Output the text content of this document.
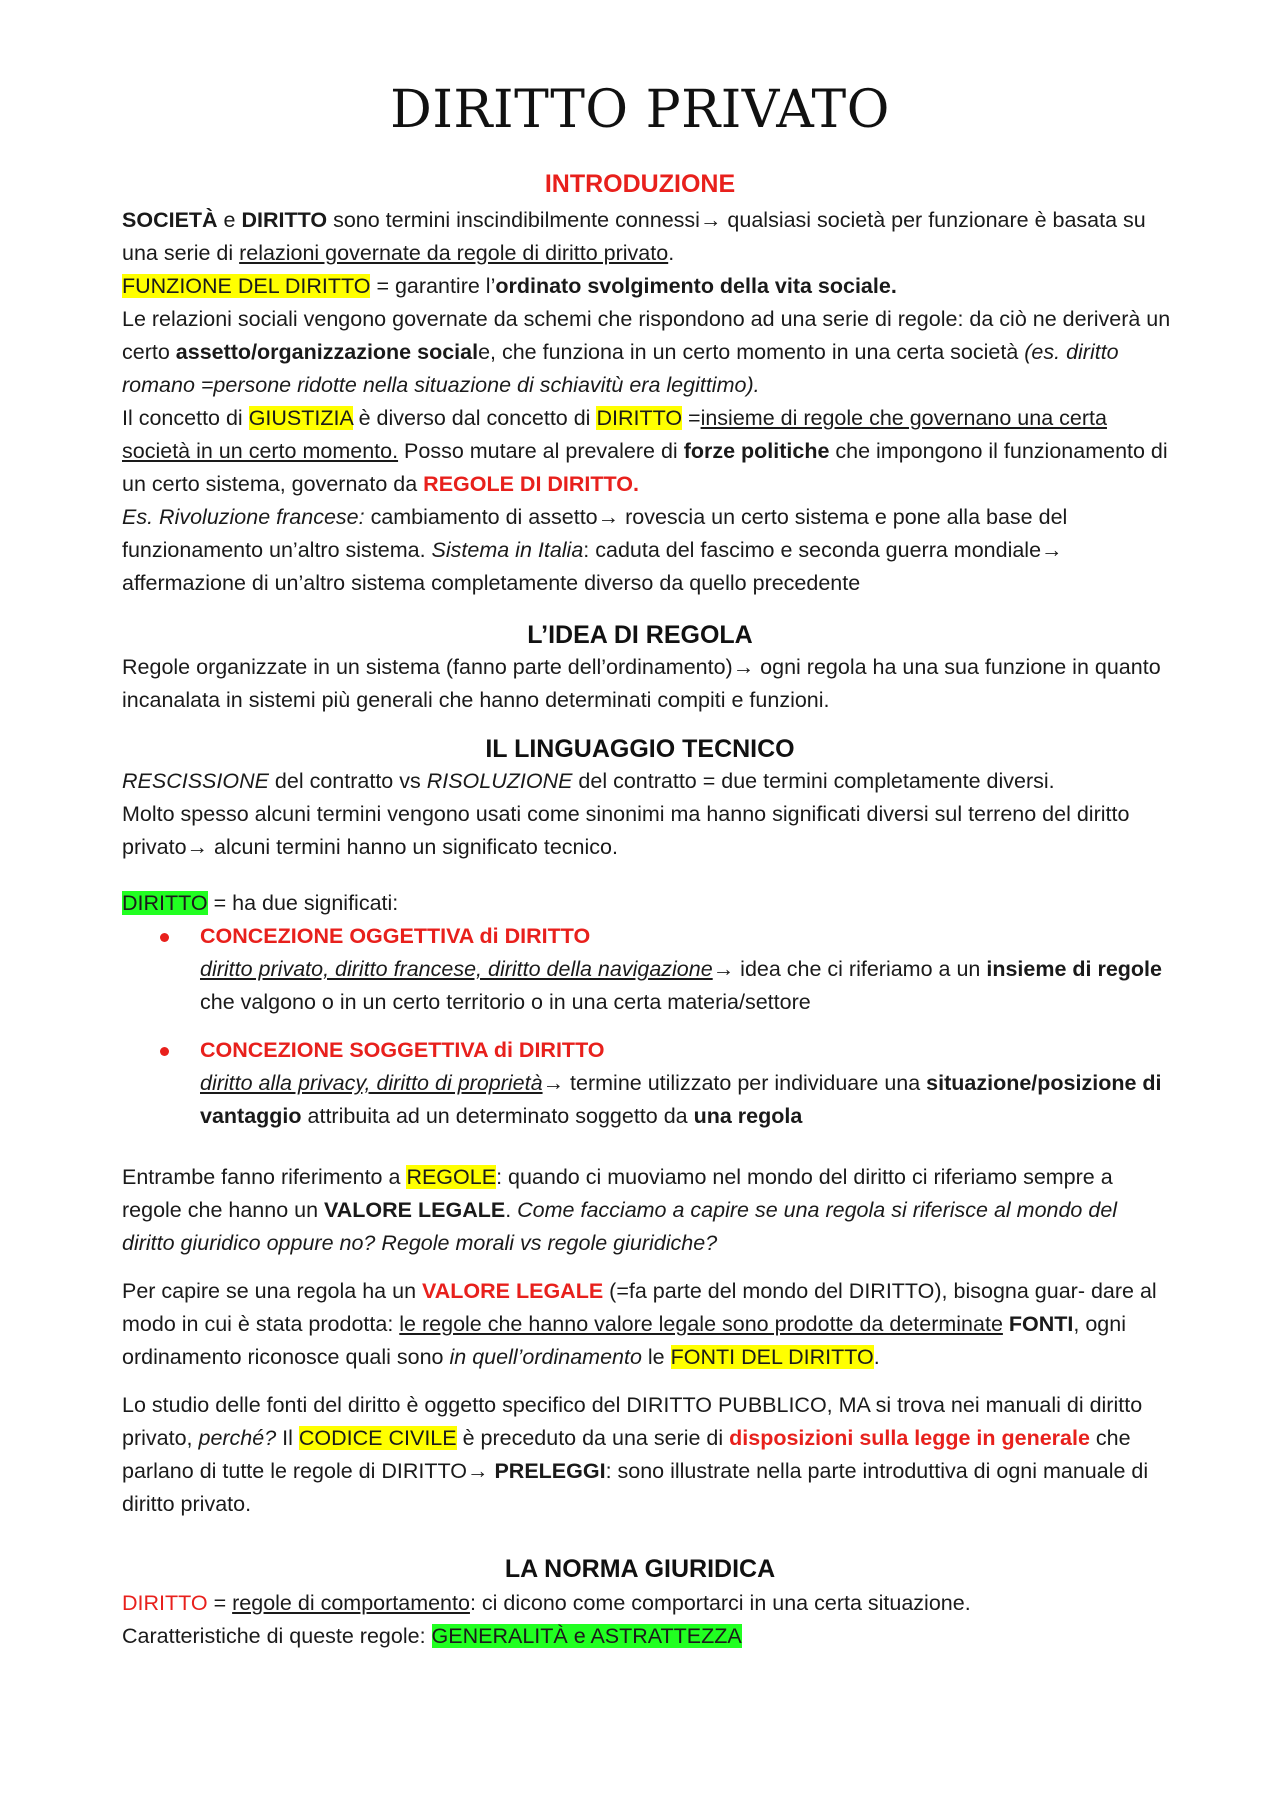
DIRITTO PRIVATO
INTRODUZIONE

SOCIETÀ e DIRITTO sono termini inscindibilmente connessi→ qualsiasi società per funzionare è basata su una serie di relazioni governate da regole di diritto privato.

FUNZIONE DEL DIRITTO = garantire l’ordinato svolgimento della vita sociale.

Le relazioni sociali vengono governate da schemi che rispondono ad una serie di regole: da ciò ne deriverà un certo assetto/organizzazione sociale, che funziona in un certo momento in una certa società (es. diritto romano =persone ridotte nella situazione di schiavitù era legittimo).

Il concetto di GIUSTIZIA è diverso dal concetto di DIRITTO =insieme di regole che governano una certa società in un certo momento. Posso mutare al prevalere di forze politiche che impongono il funzionamento di un certo sistema, governato da REGOLE DI DIRITTO.

Es. Rivoluzione francese: cambiamento di assetto→ rovescia un certo sistema e pone alla base del funzionamento un’altro sistema. Sistema in Italia: caduta del fascimo e seconda guerra mondiale→ affermazione di un’altro sistema completamente diverso da quello precedente

L’IDEA DI REGOLA

Regole organizzate in un sistema (fanno parte dell’ordinamento)→ ogni regola ha una sua funzione in quanto incanalata in sistemi più generali che hanno determinati compiti e funzioni.

IL LINGUAGGIO TECNICO

RESCISSIONE del contratto vs RISOLUZIONE del contratto = due termini completamente diversi.

Molto spesso alcuni termini vengono usati come sinonimi ma hanno significati diversi sul terreno del diritto privato→ alcuni termini hanno un significato tecnico.

DIRITTO = ha due significati:

CONCEZIONE OGGETTIVA di DIRITTO

diritto privato, diritto francese, diritto della navigazione→ idea che ci riferiamo a un insieme di regole che valgono o in un certo territorio o in una certa materia/settore

CONCEZIONE SOGGETTIVA di DIRITTO

diritto alla privacy, diritto di proprietà→ termine utilizzato per individuare una situazione/posizione di vantaggio attribuita ad un determinato soggetto da una regola

Entrambe fanno riferimento a REGOLE: quando ci muoviamo nel mondo del diritto ci riferiamo sempre a regole che hanno un VALORE LEGALE. Come facciamo a capire se una regola si riferisce al mondo del diritto giuridico oppure no? Regole morali vs regole giuridiche?

Per capire se una regola ha un VALORE LEGALE (=fa parte del mondo del DIRITTO), bisogna guar- dare al modo in cui è stata prodotta: le regole che hanno valore legale sono prodotte da determinate FONTI, ogni ordinamento riconosce quali sono in quell’ordinamento le FONTI DEL DIRITTO.

Lo studio delle fonti del diritto è oggetto specifico del DIRITTO PUBBLICO, MA si trova nei manuali di diritto privato, perché? Il CODICE CIVILE è preceduto da una serie di disposizioni sulla legge in generale che parlano di tutte le regole di DIRITTO→ PRELEGGI: sono illustrate nella parte introduttiva di ogni manuale di diritto privato.

LA NORMA GIURIDICA

DIRITTO = regole di comportamento: ci dicono come comportarci in una certa situazione.

Caratteristiche di queste regole: GENERALITÀ e ASTRATTEZZA
